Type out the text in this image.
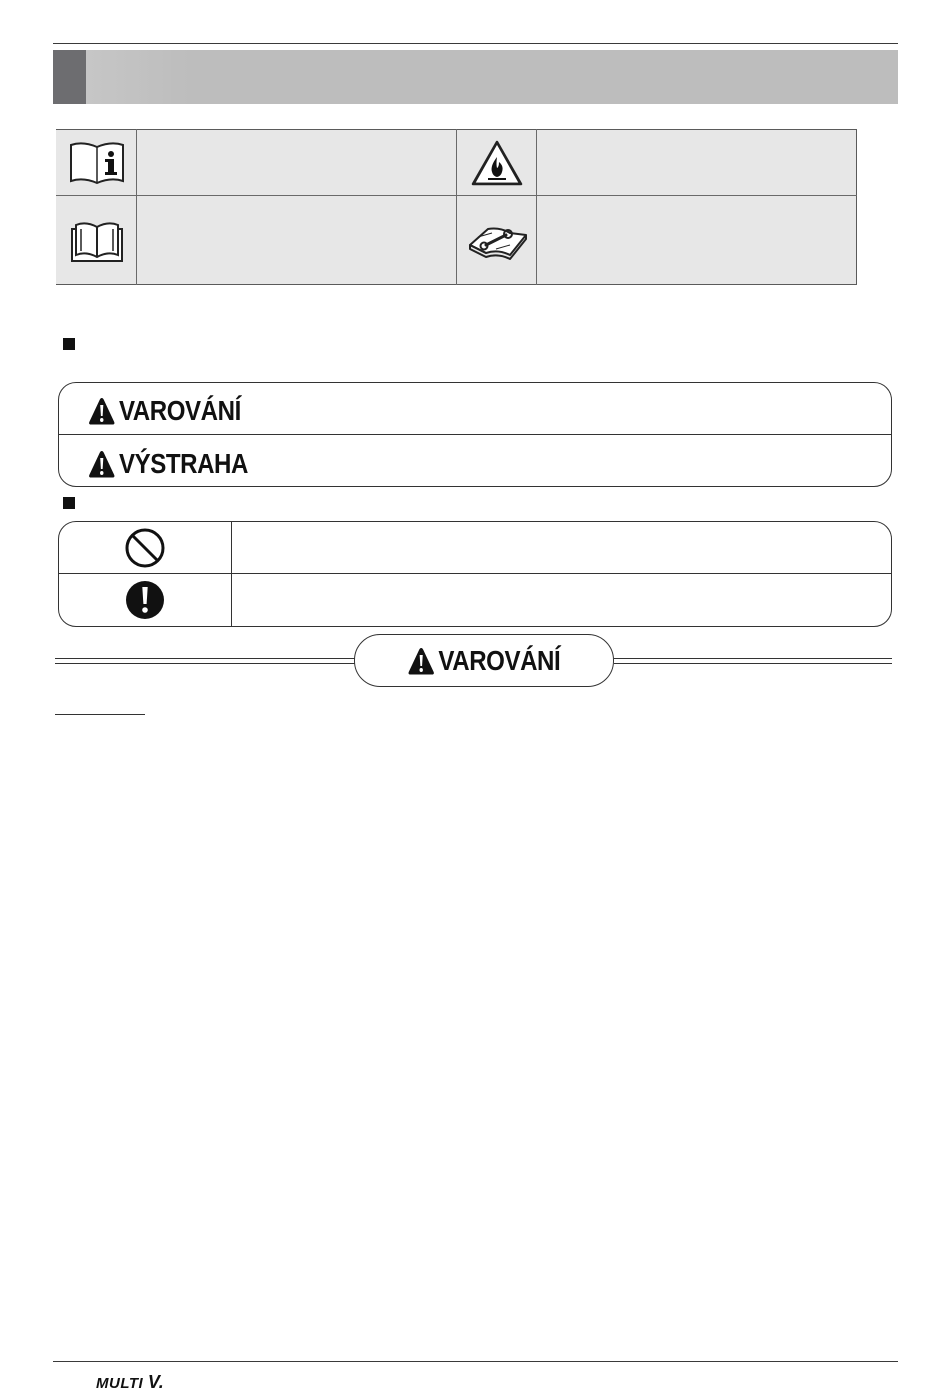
VAROVÁNÍ
VÝSTRAHA
VAROVÁNÍ
MULTI V.
